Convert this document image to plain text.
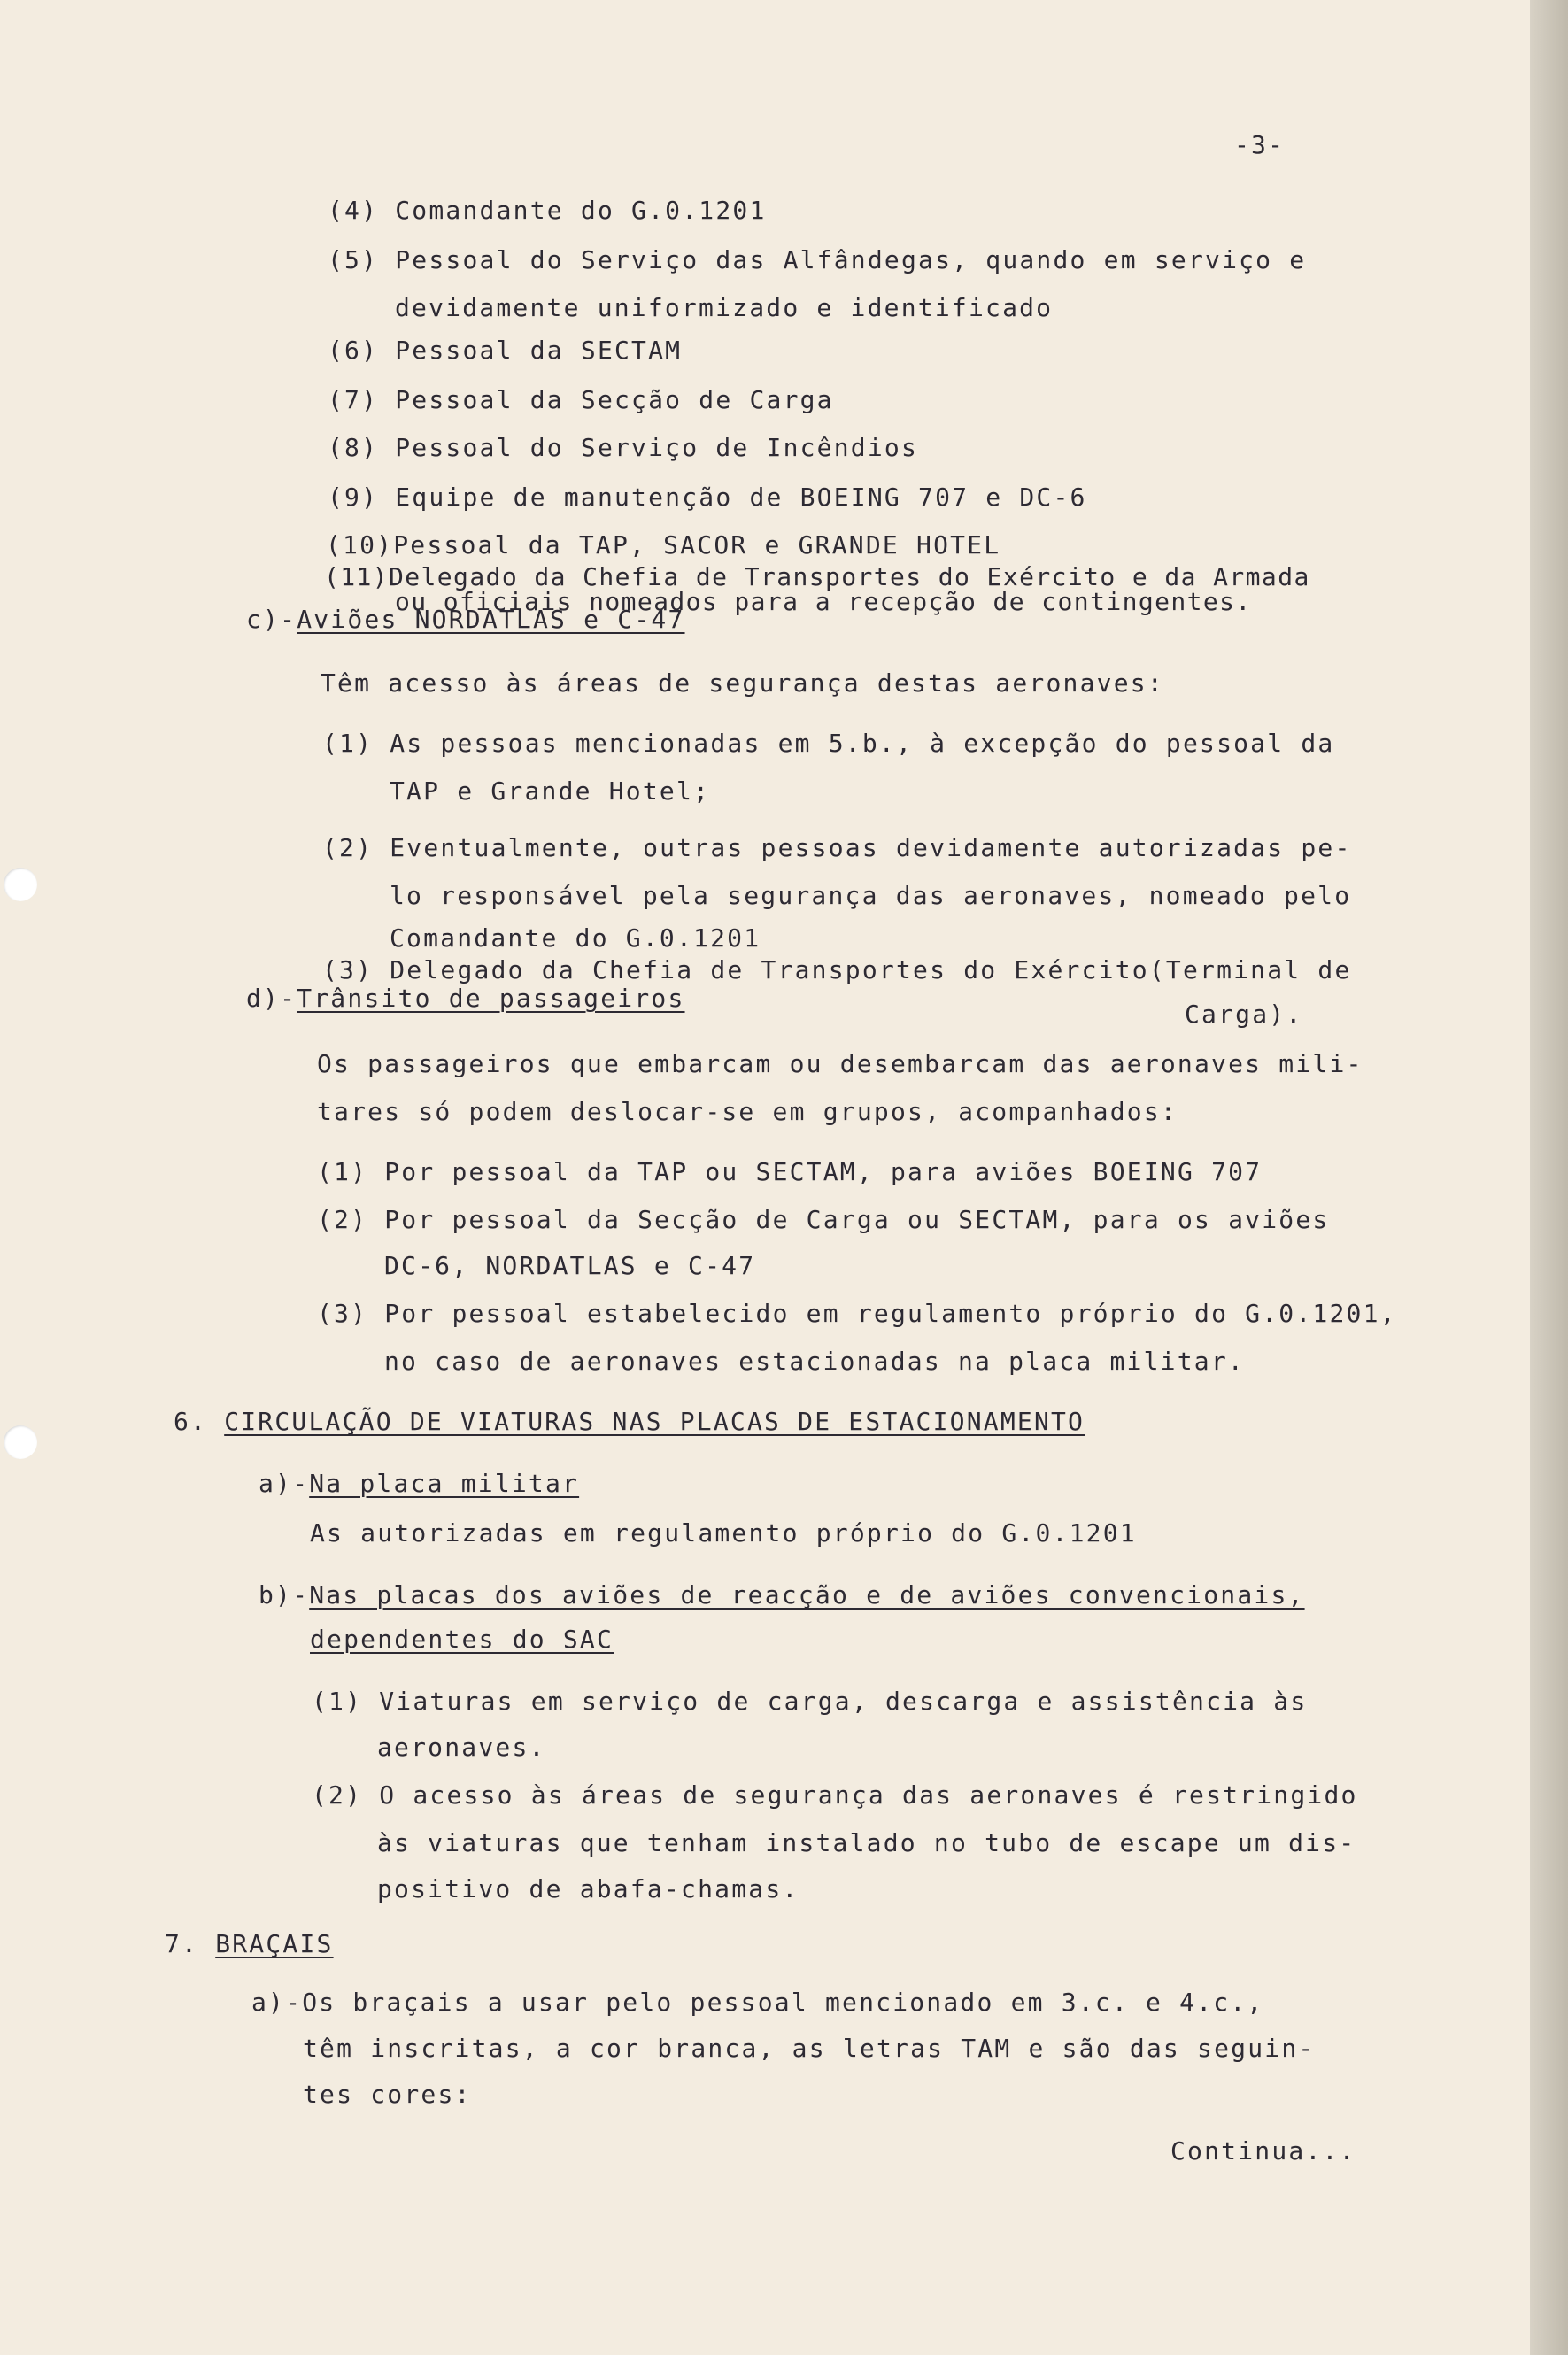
-3-

(4) Comandante do G.0.1201

(5) Pessoal do Serviço das Alfândegas, quando em serviço e

devidamente uniformizado e identificado

(6) Pessoal da SECTAM

(7) Pessoal da Secção de Carga

(8) Pessoal do Serviço de Incêndios

(9) Equipe de manutenção de BOEING 707 e DC-6

(10)Pessoal da TAP, SACOR e GRANDE HOTEL

(11)Delegado da Chefia de Transportes do Exército e da Armada

ou oficiais nomeados para a recepção de contingentes.

c)-Aviões NORDATLAS e C-47

Têm acesso às áreas de segurança destas aeronaves:

(1) As pessoas mencionadas em 5.b., à excepção do pessoal da

TAP e Grande Hotel;

(2) Eventualmente, outras pessoas devidamente autorizadas pe-

lo responsável pela segurança das aeronaves, nomeado pelo

Comandante do G.0.1201

(3) Delegado da Chefia de Transportes do Exército(Terminal de

Carga).

d)-Trânsito de passageiros

Os passageiros que embarcam ou desembarcam das aeronaves mili-

tares só podem deslocar-se em grupos, acompanhados:

(1) Por pessoal da TAP ou SECTAM, para aviões BOEING 707

(2) Por pessoal da Secção de Carga ou SECTAM, para os aviões

DC-6, NORDATLAS e C-47

(3) Por pessoal estabelecido em regulamento próprio do G.0.1201,

no caso de aeronaves estacionadas na placa militar.

6. CIRCULAÇÃO DE VIATURAS NAS PLACAS DE ESTACIONAMENTO

a)-Na placa militar

As autorizadas em regulamento próprio do G.0.1201

b)-Nas placas dos aviões de reacção e de aviões convencionais,

dependentes do SAC

(1) Viaturas em serviço de carga, descarga e assistência às

aeronaves.

(2) O acesso às áreas de segurança das aeronaves é restringido

às viaturas que tenham instalado no tubo de escape um dis-

positivo de abafa-chamas.

7. BRAÇAIS

a)-Os braçais a usar pelo pessoal mencionado em 3.c. e 4.c.,

têm inscritas, a cor branca, as letras TAM e são das seguin-

tes cores:

Continua...
